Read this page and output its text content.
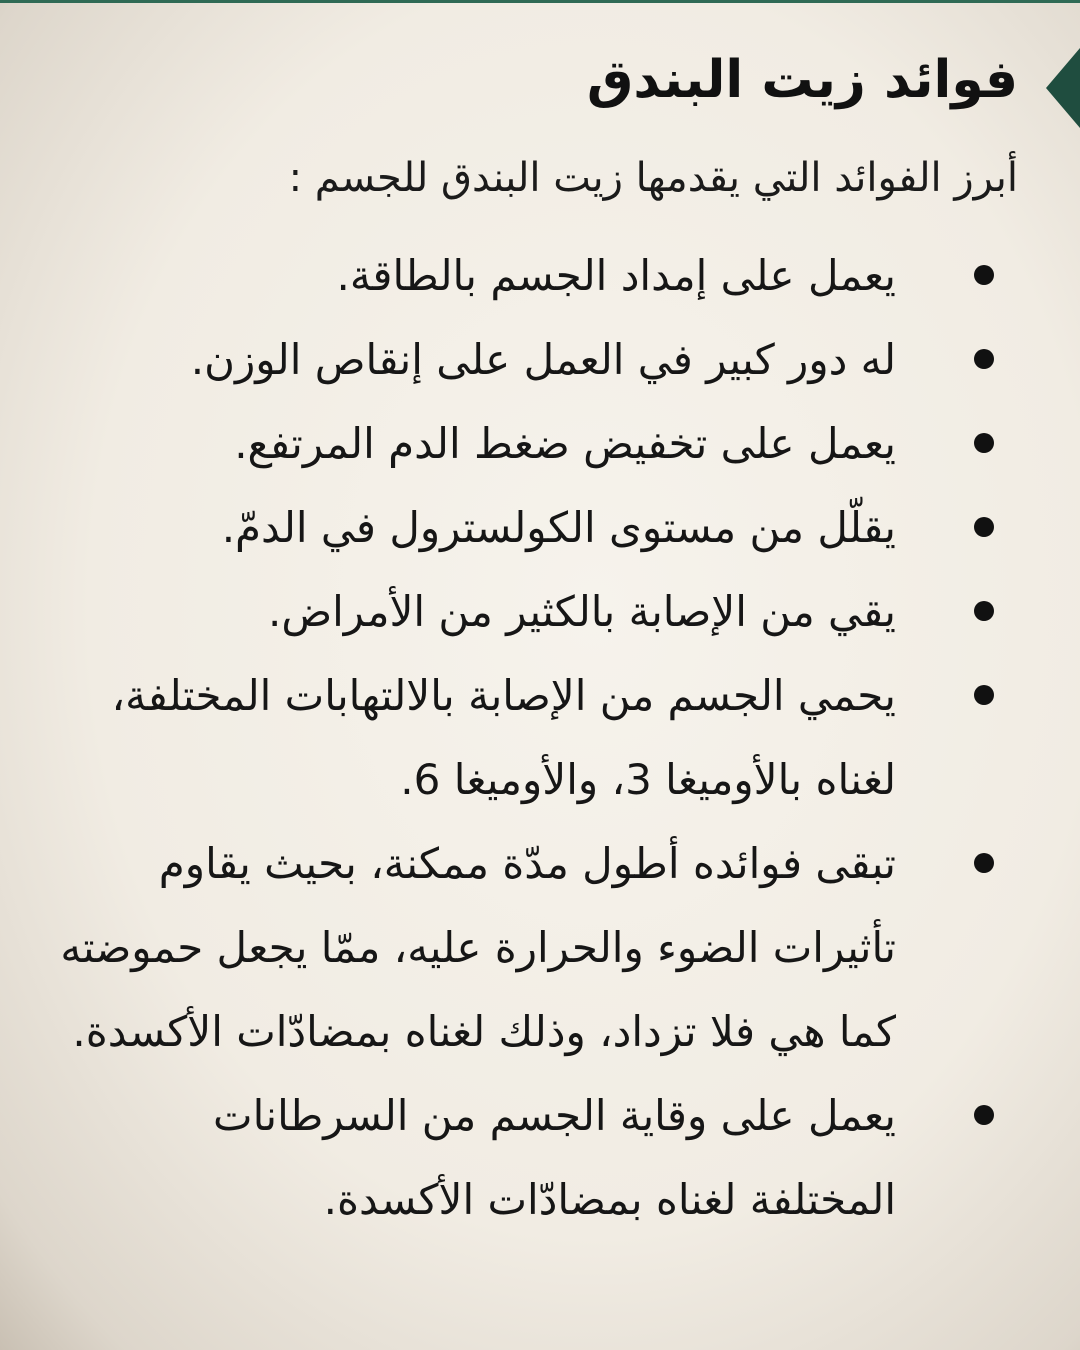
فوائد زيت البندق

أبرز الفوائد التي يقدمها زيت البندق للجسم :

يعمل على إمداد الجسم بالطاقة.
له دور كبير في العمل على إنقاص الوزن.
يعمل على تخفيض ضغط الدم المرتفع.
يقلّل من مستوى الكولسترول في الدمّ.
يقي من الإصابة بالكثير من الأمراض.
يحمي الجسم من الإصابة بالالتهابات المختلفة، لغناه بالأوميغا 3، والأوميغا 6.
تبقى فوائده أطول مدّة ممكنة، بحيث يقاوم تأثيرات الضوء والحرارة عليه، ممّا يجعل حموضته كما هي فلا تزداد، وذلك لغناه بمضادّات الأكسدة.
يعمل على وقاية الجسم من السرطانات المختلفة لغناه بمضادّات الأكسدة.
